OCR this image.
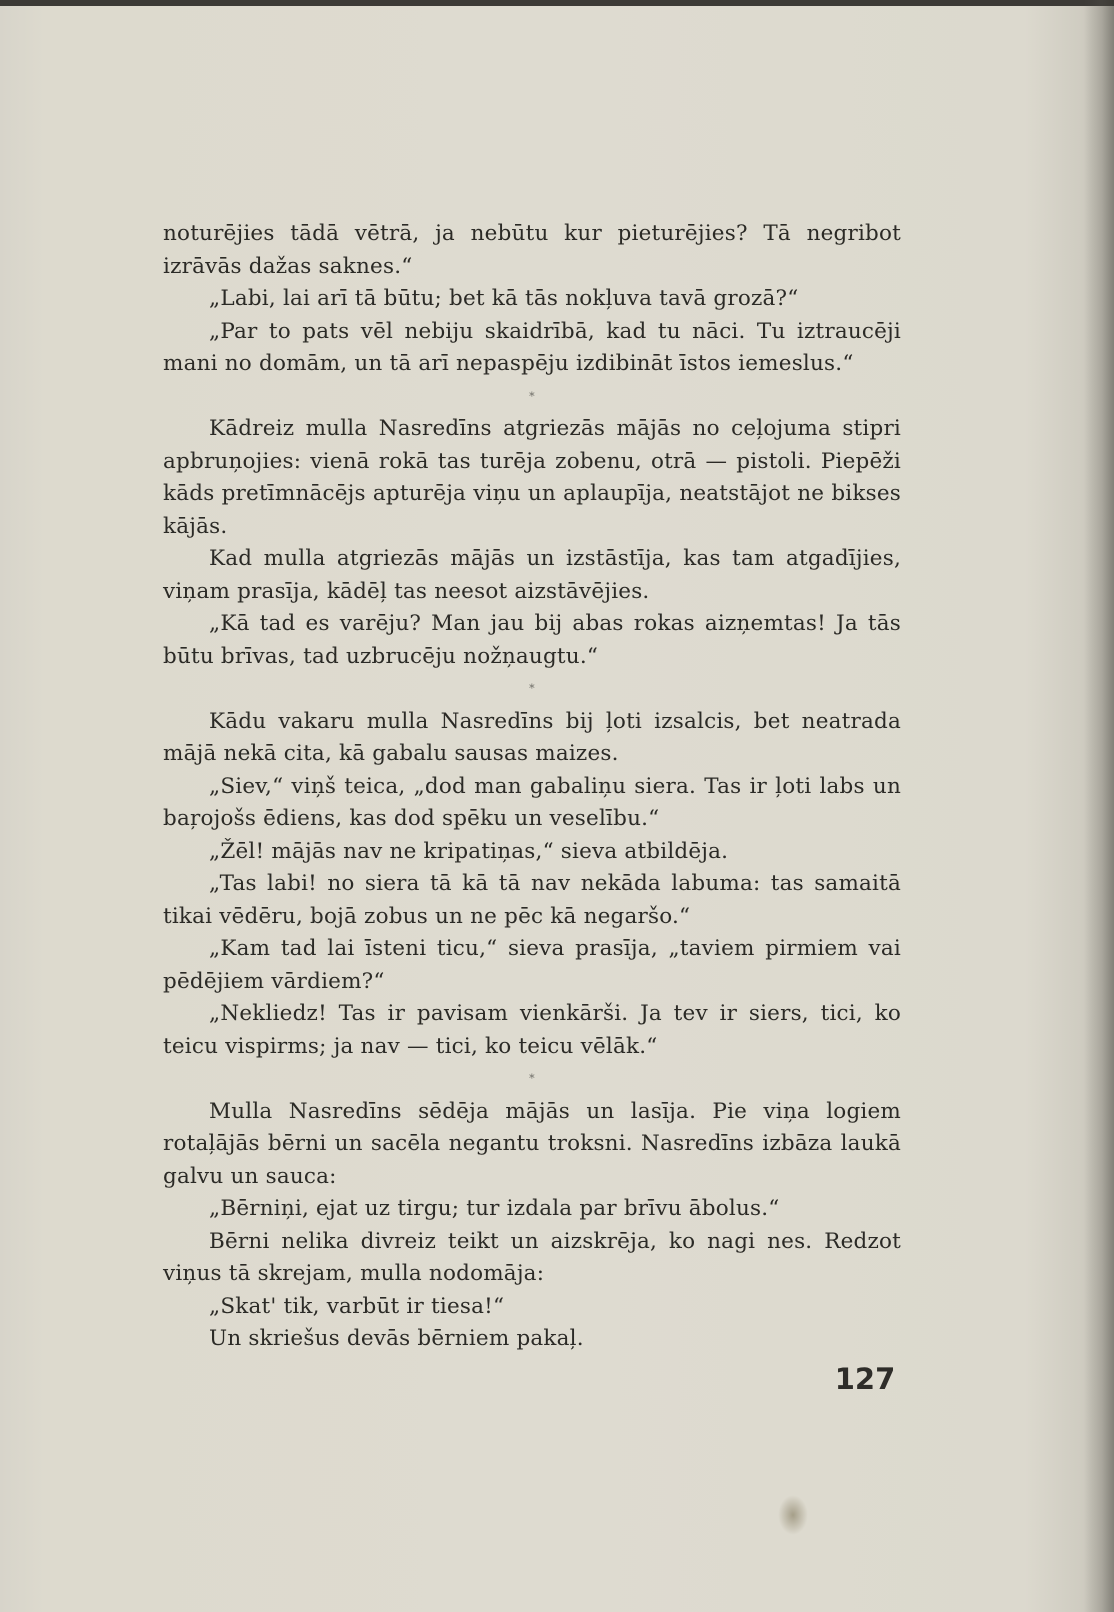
noturējies tādā vētrā, ja nebūtu kur pieturējies? Tā negribot

izrāvās dažas saknes.“

„Labi, lai arī tā būtu; bet kā tās nokļuva tavā grozā?“

„Par to pats vēl nebiju skaidrībā, kad tu nāci. Tu iztraucēji mani no domām, un tā arī nepaspēju izdibināt īstos iemeslus.“

*

Kādreiz mulla Nasredīns atgriezās mājās no ceļojuma stipri apbruņojies: vienā rokā tas turēja zobenu, otrā — pistoli. Piepēži kāds pretīmnācējs apturēja viņu un aplaupīja, neatstājot ne bikses kājās.

Kad mulla atgriezās mājās un izstāstīja, kas tam atgadījies, viņam prasīja, kādēļ tas neesot aizstāvējies.

„Kā tad es varēju? Man jau bij abas rokas aizņemtas! Ja tās būtu brīvas, tad uzbrucēju nožņaugtu.“

*

Kādu vakaru mulla Nasredīns bij ļoti izsalcis, bet neatrada mājā nekā cita, kā gabalu sausas maizes.

„Siev,“ viņš teica, „dod man gabaliņu siera. Tas ir ļoti labs un baŗojošs ēdiens, kas dod spēku un veselību.“

„Žēl! mājās nav ne kripatiņas,“ sieva atbildēja.

„Tas labi! no siera tā kā tā nav nekāda labuma: tas samaitā tikai vēdēru, bojā zobus un ne pēc kā negaršo.“

„Kam tad lai īsteni ticu,“ sieva prasīja, „taviem pirmiem vai pēdējiem vārdiem?“

„Nekliedz! Tas ir pavisam vienkārši. Ja tev ir siers, tici, ko teicu vispirms; ja nav — tici, ko teicu vēlāk.“

*

Mulla Nasredīns sēdēja mājās un lasīja. Pie viņa logiem rotaļājās bērni un sacēla negantu troksni. Nasredīns izbāza laukā galvu un sauca:

„Bērniņi, ejat uz tirgu; tur izdala par brīvu ābolus.“

Bērni nelika divreiz teikt un aizskrēja, ko nagi nes. Redzot viņus tā skrejam, mulla nodomāja:

„Skat' tik, varbūt ir tiesa!“

Un skriešus devās bērniem pakaļ.

127
